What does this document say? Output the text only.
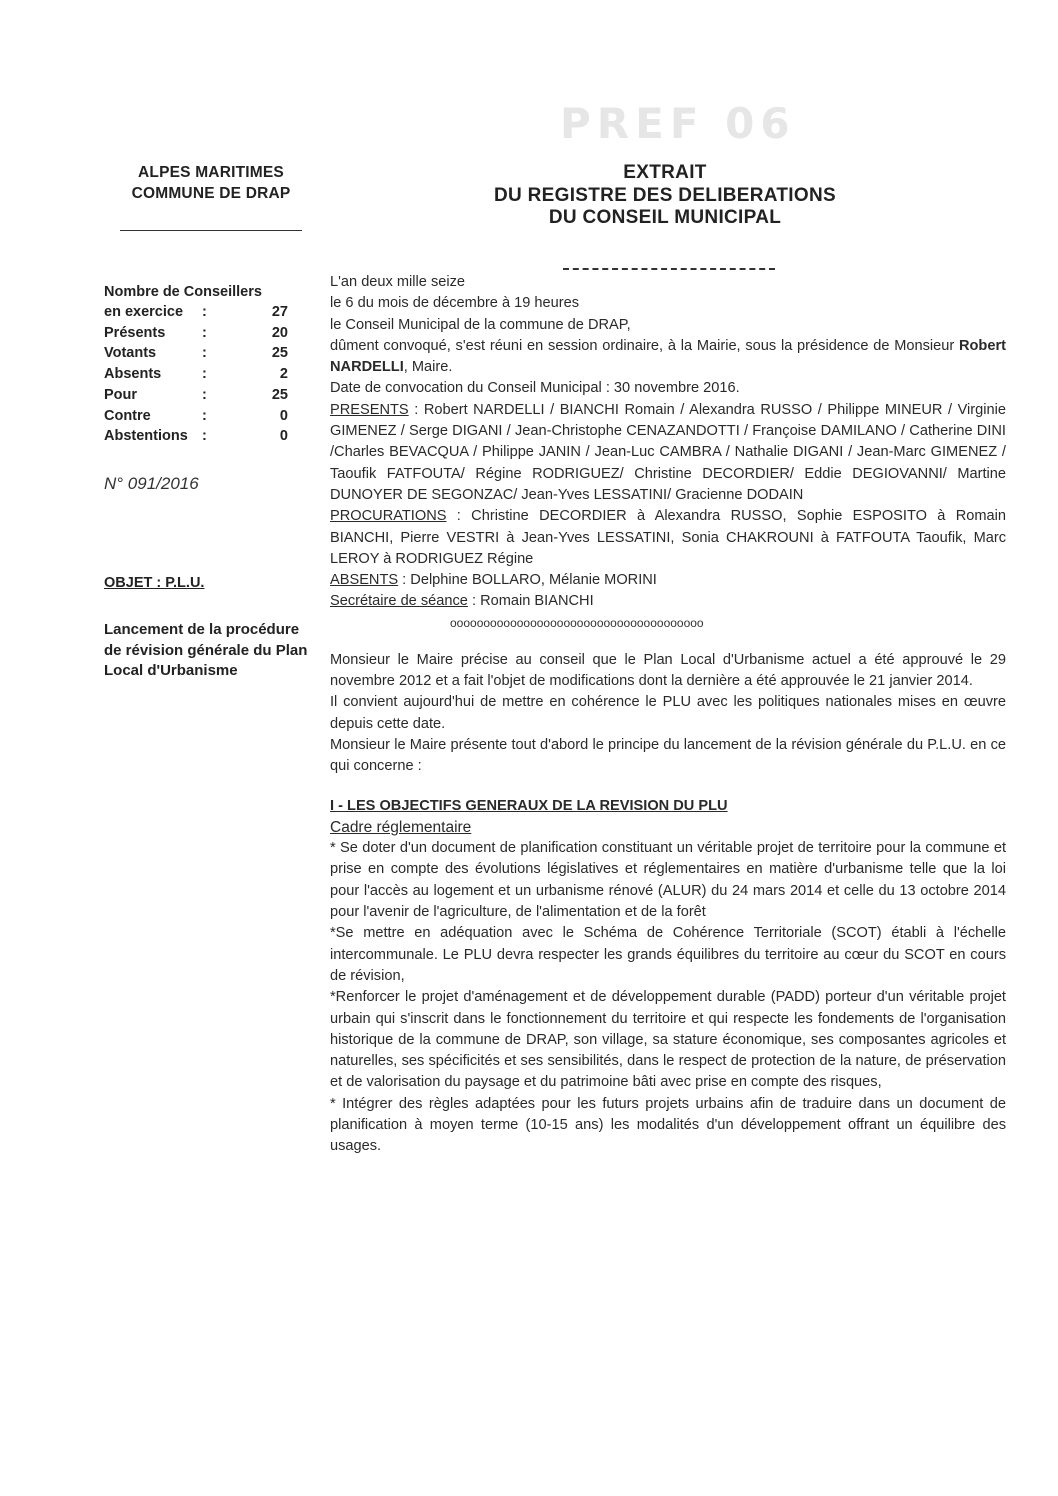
ALPES MARITIMES
COMMUNE DE DRAP
Nombre de Conseillers
en exercice	:	27
Présents	:	20
Votants	:	25
Absents	:	2
Pour	:	25
Contre	:	0
Abstentions :	0
N° 091/2016
OBJET : P.L.U.
Lancement de la procédure de révision générale du Plan Local d'Urbanisme
PREF 06
EXTRAIT
DU REGISTRE DES DELIBERATIONS
DU CONSEIL MUNICIPAL

L'an deux mille seize

le 6 du mois de décembre à 19 heures

le Conseil Municipal de la commune de DRAP,

dûment convoqué, s'est réuni en session ordinaire, à la Mairie, sous la présidence de Monsieur Robert NARDELLI, Maire.

Date de convocation du Conseil Municipal : 30 novembre 2016.

PRESENTS : Robert NARDELLI / BIANCHI Romain / Alexandra RUSSO / Philippe MINEUR / Virginie GIMENEZ / Serge DIGANI / Jean-Christophe CENAZANDOTTI / Françoise DAMILANO / Catherine DINI /Charles BEVACQUA / Philippe JANIN / Jean-Luc CAMBRA / Nathalie DIGANI / Jean-Marc GIMENEZ / Taoufik FATFOUTA/ Régine RODRIGUEZ/ Christine DECORDIER/ Eddie DEGIOVANNI/ Martine DUNOYER DE SEGONZAC/ Jean-Yves LESSATINI/ Gracienne DODAIN

PROCURATIONS : Christine DECORDIER à Alexandra RUSSO, Sophie ESPOSITO à Romain BIANCHI, Pierre VESTRI à Jean-Yves LESSATINI, Sonia CHAKROUNI à FATFOUTA Taoufik, Marc LEROY à RODRIGUEZ Régine

ABSENTS : Delphine BOLLARO, Mélanie MORINI

Secrétaire de séance : Romain BIANCHI

oooooooooooooooooooooooooooooooooooooo

Monsieur le Maire précise au conseil que le Plan Local d'Urbanisme actuel a été approuvé le 29 novembre 2012 et a fait l'objet de modifications dont la dernière a été approuvée le 21 janvier 2014.

Il convient aujourd'hui de mettre en cohérence le PLU avec les politiques nationales mises en œuvre depuis cette date.

Monsieur le Maire présente tout d'abord le principe du lancement de la révision générale du P.L.U. en ce qui concerne :

I - LES OBJECTIFS GENERAUX DE LA REVISION DU PLU

Cadre réglementaire

* Se doter d'un document de planification constituant un véritable projet de territoire pour la commune et prise en compte des évolutions législatives et réglementaires en matière d'urbanisme telle que la loi pour l'accès au logement et un urbanisme rénové (ALUR) du 24 mars 2014 et celle du 13 octobre 2014 pour l'avenir de l'agriculture, de l'alimentation et de la forêt

*Se mettre en adéquation avec le Schéma de Cohérence Territoriale (SCOT) établi à l'échelle intercommunale. Le PLU devra respecter les grands équilibres du territoire au cœur du SCOT en cours de révision,

*Renforcer le projet d'aménagement et de développement durable (PADD) porteur d'un véritable projet urbain qui s'inscrit dans le fonctionnement du territoire et qui respecte les fondements de l'organisation historique de la commune de DRAP, son village, sa stature économique, ses composantes agricoles et naturelles, ses spécificités et ses sensibilités, dans le respect de protection de la nature, de préservation et de valorisation du paysage et du patrimoine bâti avec prise en compte des risques,

* Intégrer des règles adaptées pour les futurs projets urbains afin de traduire dans un document de planification à moyen terme (10-15 ans) les modalités d'un développement offrant un équilibre des usages.
